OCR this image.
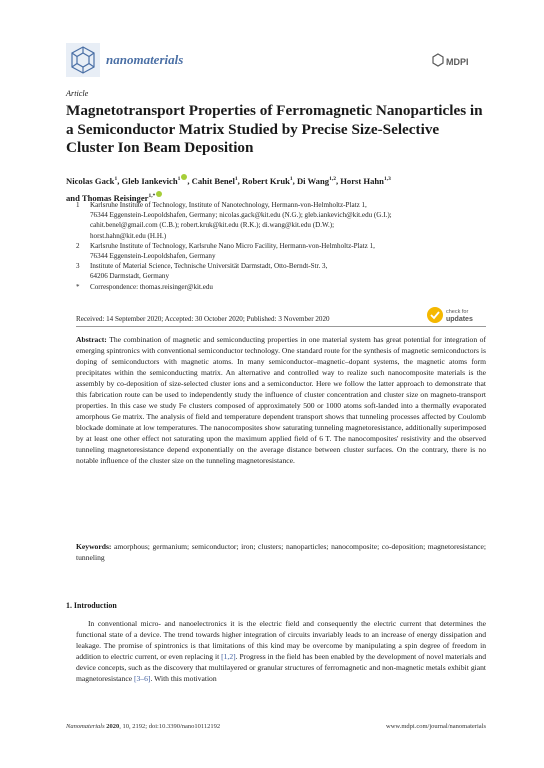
nanomaterials	MDPI
Article
Magnetotransport Properties of Ferromagnetic Nanoparticles in a Semiconductor Matrix Studied by Precise Size-Selective Cluster Ion Beam Deposition
Nicolas Gack$^1$, Gleb Iankevich$^1$ , Cahit Benel$^1$, Robert Kruk$^1$, Di Wang$^{1,2}$, Horst Hahn$^{1,3}$
and Thomas Reisinger$^{1,*}$
1 Karlsruhe Institute of Technology, Institute of Nanotechnology, Hermann-von-Helmholtz-Platz 1,
76344 Eggenstein-Leopoldshafen, Germany; nicolas.gack@kit.edu (N.G.); gleb.iankevich@kit.edu (G.I.);
cahit.benel@gmail.com (C.B.); robert.kruk@kit.edu (R.K.); di.wang@kit.edu (D.W.);
horst.hahn@kit.edu (H.H.)
2 Karlsruhe Institute of Technology, Karlsruhe Nano Micro Facility, Hermann-von-Helmholtz-Platz 1,
76344 Eggenstein-Leopoldshafen, Germany
3 Institute of Material Science, Technische Universität Darmstadt, Otto-Berndt-Str. 3,
64206 Darmstadt, Germany
* Correspondence: thomas.reisinger@kit.edu
Received: 14 September 2020; Accepted: 30 October 2020; Published: 3 November 2020
check for
updates
Abstract: The combination of magnetic and semiconducting properties in one material system has great potential for integration of emerging spintronics with conventional semiconductor technology. One standard route for the synthesis of magnetic semiconductors is doping of semiconductors with magnetic atoms. In many semiconductor–magnetic–dopant systems, the magnetic atoms form precipitates within the semiconducting matrix. An alternative and controlled way to realize such nanocomposite materials is the assembly by co-deposition of size-selected cluster ions and a semiconductor. Here we follow the latter approach to demonstrate that this fabrication route can be used to independently study the influence of cluster concentration and cluster size on magneto-transport properties. In this case we study Fe clusters composed of approximately 500 or 1000 atoms soft-landed into a thermally evaporated amorphous Ge matrix. The analysis of field and temperature dependent transport shows that tunneling processes affected by Coulomb blockade dominate at low temperatures. The nanocomposites show saturating tunneling magnetoresistance, additionally superimposed by at least one other effect not saturating upon the maximum applied field of 6 T. The nanocomposites' resistivity and the observed tunneling magnetoresistance depend exponentially on the average distance between cluster surfaces. On the contrary, there is no notable influence of the cluster size on the tunneling magnetoresistance.
Keywords: amorphous; germanium; semiconductor; iron; clusters; nanoparticles; nanocomposite; co-deposition; magnetoresistance; tunneling
1. Introduction
In conventional micro- and nanoelectronics it is the electric field and consequently the electric current that determines the functional state of a device. The trend towards higher integration of circuits invariably leads to an increase of energy dissipation and leakage. The promise of spintronics is that limitations of this kind may be overcome by manipulating a spin degree of freedom in addition to electric current, or even replacing it [1,2]. Progress in the field has been enabled by the development of novel materials and device concepts, such as the discovery that multilayered or granular structures of ferromagnetic and non-magnetic metals exhibit giant magnetoresistance [3–6]. With this motivation
Nanomaterials 2020, 10, 2192; doi:10.3390/nano10112192	www.mdpi.com/journal/nanomaterials
